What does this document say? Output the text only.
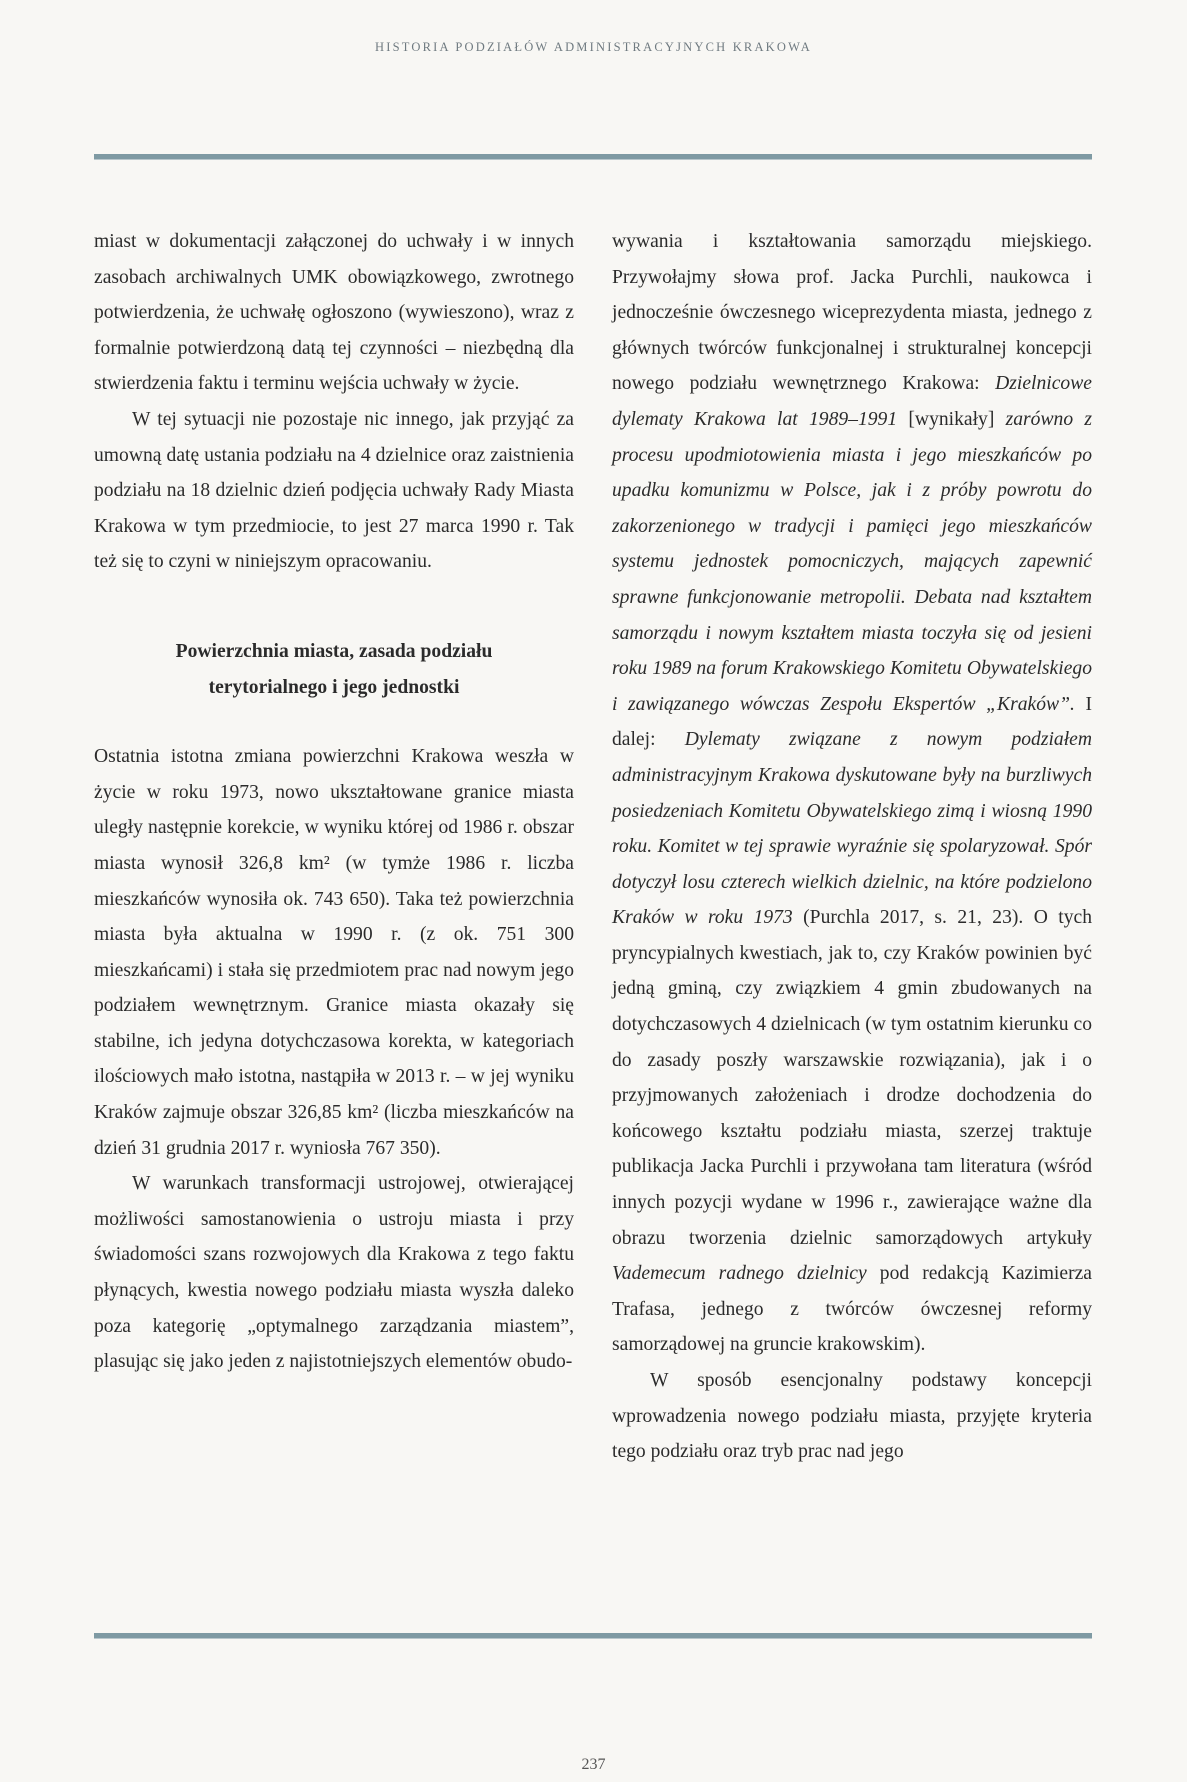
HISTORIA PODZIAŁÓW ADMINISTRACYJNYCH KRAKOWA

miast w dokumentacji załączonej do uchwały i w innych zasobach archiwalnych UMK obowiązkowego, zwrotnego potwierdzenia, że uchwałę ogłoszono (wywieszono), wraz z formalnie potwierdzoną datą tej czynności – niezbędną dla stwierdzenia faktu i terminu wejścia uchwały w życie.

W tej sytuacji nie pozostaje nic innego, jak przyjąć za umowną datę ustania podziału na 4 dzielnice oraz zaistnienia podziału na 18 dzielnic dzień podjęcia uchwały Rady Miasta Krakowa w tym przedmiocie, to jest 27 marca 1990 r. Tak też się to czyni w niniejszym opracowaniu.

Powierzchnia miasta, zasada podziału
terytorialnego i jego jednostki

Ostatnia istotna zmiana powierzchni Krakowa weszła w życie w roku 1973, nowo ukształtowane granice miasta uległy następnie korekcie, w wyniku której od 1986 r. obszar miasta wynosił 326,8 km² (w tymże 1986 r. liczba mieszkańców wynosiła ok. 743 650). Taka też powierzchnia miasta była aktualna w 1990 r. (z ok. 751 300 mieszkańcami) i stała się przedmiotem prac nad nowym jego podziałem wewnętrznym. Granice miasta okazały się stabilne, ich jedyna dotychczasowa korekta, w kategoriach ilościowych mało istotna, nastąpiła w 2013 r. – w jej wyniku Kraków zajmuje obszar 326,85 km² (liczba mieszkańców na dzień 31 grudnia 2017 r. wyniosła 767 350).

W warunkach transformacji ustrojowej, otwierającej możliwości samostanowienia o ustroju miasta i przy świadomości szans rozwojowych dla Krakowa z tego faktu płynących, kwestia nowego podziału miasta wyszła daleko poza kategorię „optymalnego zarządzania miastem”, plasując się jako jeden z najistotniejszych elementów obudo-

wywania i kształtowania samorządu miejskiego. Przywołajmy słowa prof. Jacka Purchli, naukowca i jednocześnie ówczesnego wiceprezydenta miasta, jednego z głównych twórców funkcjonalnej i strukturalnej koncepcji nowego podziału wewnętrznego Krakowa: Dzielnicowe dylematy Krakowa lat 1989–1991 [wynikały] zarówno z procesu upodmiotowienia miasta i jego mieszkańców po upadku komunizmu w Polsce, jak i z próby powrotu do zakorzenionego w tradycji i pamięci jego mieszkańców systemu jednostek pomocniczych, mających zapewnić sprawne funkcjonowanie metropolii. Debata nad kształtem samorządu i nowym kształtem miasta toczyła się od jesieni roku 1989 na forum Krakowskiego Komitetu Obywatelskiego i zawiązanego wówczas Zespołu Ekspertów „Kraków”. I dalej: Dylematy związane z nowym podziałem administracyjnym Krakowa dyskutowane były na burzliwych posiedzeniach Komitetu Obywatelskiego zimą i wiosną 1990 roku. Komitet w tej sprawie wyraźnie się spolaryzował. Spór dotyczył losu czterech wielkich dzielnic, na które podzielono Kraków w roku 1973 (Purchla 2017, s. 21, 23). O tych pryncypialnych kwestiach, jak to, czy Kraków powinien być jedną gminą, czy związkiem 4 gmin zbudowanych na dotychczasowych 4 dzielnicach (w tym ostatnim kierunku co do zasady poszły warszawskie rozwiązania), jak i o przyjmowanych założeniach i drodze dochodzenia do końcowego kształtu podziału miasta, szerzej traktuje publikacja Jacka Purchli i przywołana tam literatura (wśród innych pozycji wydane w 1996 r., zawierające ważne dla obrazu tworzenia dzielnic samorządowych artykuły Vademecum radnego dzielnicy pod redakcją Kazimierza Trafasa, jednego z twórców ówczesnej reformy samorządowej na gruncie krakowskim).

W sposób esencjonalny podstawy koncepcji wprowadzenia nowego podziału miasta, przyjęte kryteria tego podziału oraz tryb prac nad jego

237
